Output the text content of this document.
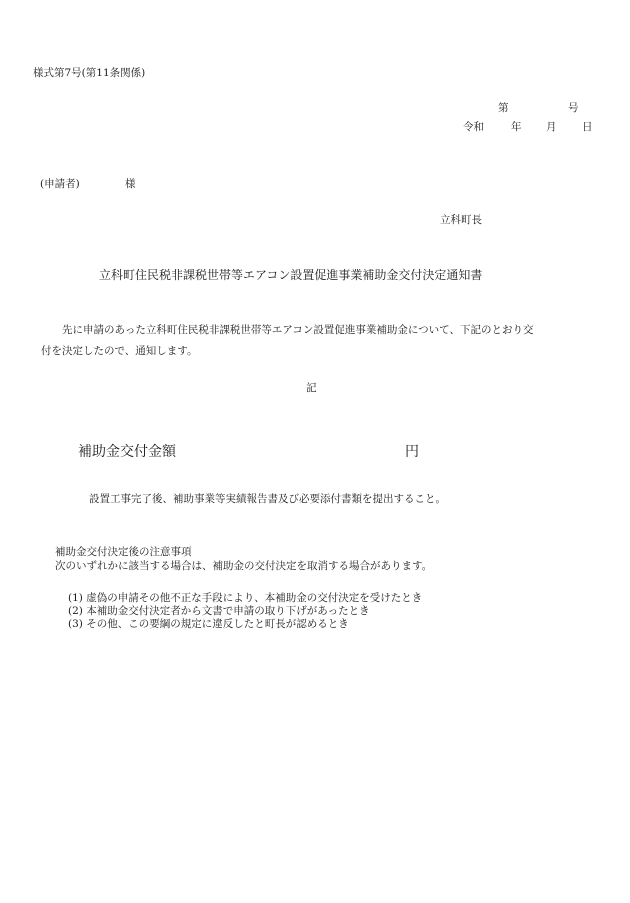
様式第7号(第11条関係)
第	号
令和	年 月 日
(申請者)	様
立科町長
立科町住民税非課税世帯等エアコン設置促進事業補助金交付決定通知書
先に申請のあった立科町住民税非課税世帯等エアコン設置促進事業補助金について、下記のとおり交
付を決定したので、通知します。
記
補助金交付金額	円
設置工事完了後、補助事業等実績報告書及び必要添付書類を提出すること。
補助金交付決定後の注意事項
次のいずれかに該当する場合は、補助金の交付決定を取消する場合があります。
(1) 虚偽の申請その他不正な手段により、本補助金の交付決定を受けたとき
(2) 本補助金交付決定者から文書で申請の取り下げがあったとき
(3) その他、この要綱の規定に違反したと町長が認めるとき
